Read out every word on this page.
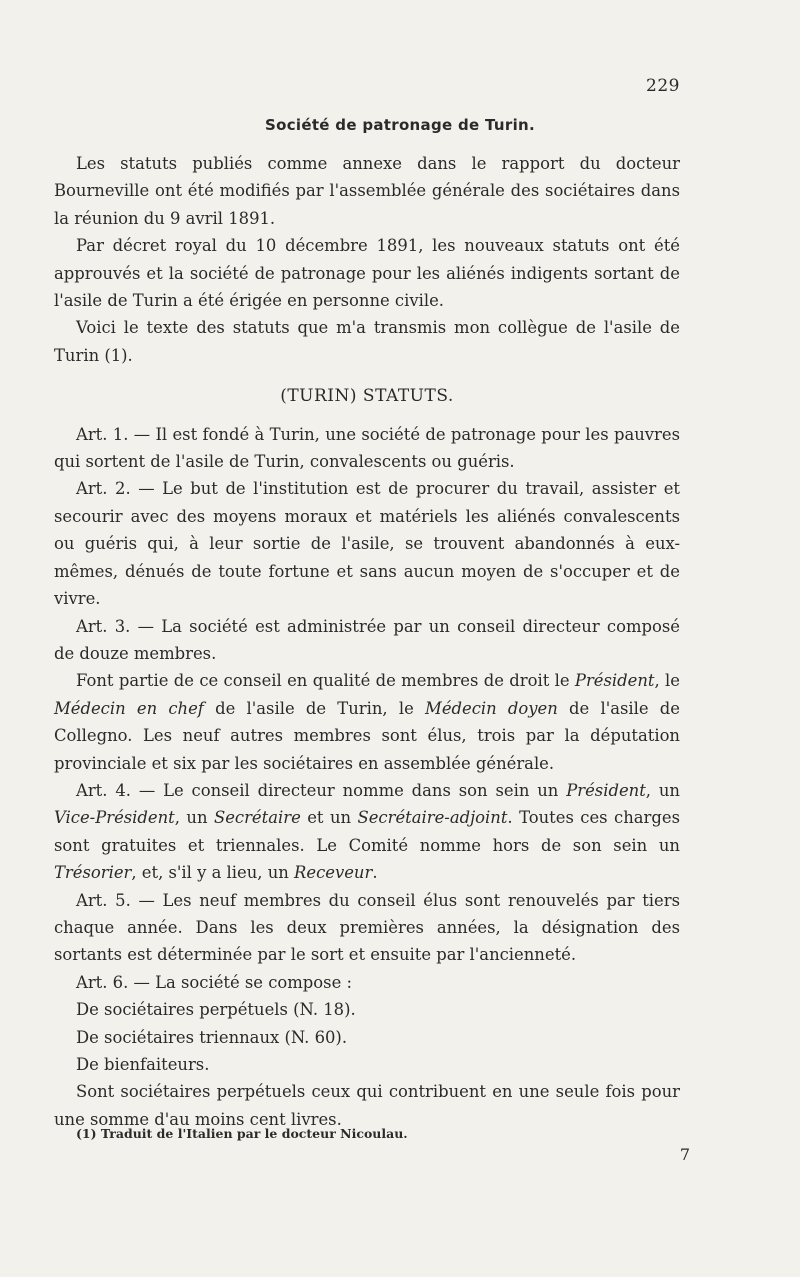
229
Société de patronage de Turin.

Les statuts publiés comme annexe dans le rapport du docteur Bourneville ont été modifiés par l'assemblée générale des sociétaires dans la réunion du 9 avril 1891.

Par décret royal du 10 décembre 1891, les nouveaux statuts ont été approuvés et la société de patronage pour les aliénés indigents sortant de l'asile de Turin a été érigée en personne civile.

Voici le texte des statuts que m'a transmis mon collègue de l'asile de Turin (1).

(TURIN) STATUTS.

Art. 1. — Il est fondé à Turin, une société de patronage pour les pauvres qui sortent de l'asile de Turin, convalescents ou guéris.

Art. 2. — Le but de l'institution est de procurer du travail, assister et secourir avec des moyens moraux et matériels les aliénés convalescents ou guéris qui, à leur sortie de l'asile, se trouvent abandonnés à eux-mêmes, dénués de toute fortune et sans aucun moyen de s'occuper et de vivre.

Art. 3. — La société est administrée par un conseil directeur composé de douze membres.

Font partie de ce conseil en qualité de membres de droit le Président, le Médecin en chef de l'asile de Turin, le Médecin doyen de l'asile de Collegno. Les neuf autres membres sont élus, trois par la députation provinciale et six par les sociétaires en assemblée générale.

Art. 4. — Le conseil directeur nomme dans son sein un Président, un Vice-Président, un Secrétaire et un Secrétaire-adjoint. Toutes ces charges sont gratuites et triennales. Le Comité nomme hors de son sein un Trésorier, et, s'il y a lieu, un Receveur.

Art. 5. — Les neuf membres du conseil élus sont renouvelés par tiers chaque année. Dans les deux premières années, la désignation des sortants est déterminée par le sort et ensuite par l'ancienneté.

Art. 6. — La société se compose :

De sociétaires perpétuels (N. 18).

De sociétaires triennaux (N. 60).

De bienfaiteurs.

Sont sociétaires perpétuels ceux qui contribuent en une seule fois pour une somme d'au moins cent livres.

(1) Traduit de l'Italien par le docteur Nicoulau.
7
